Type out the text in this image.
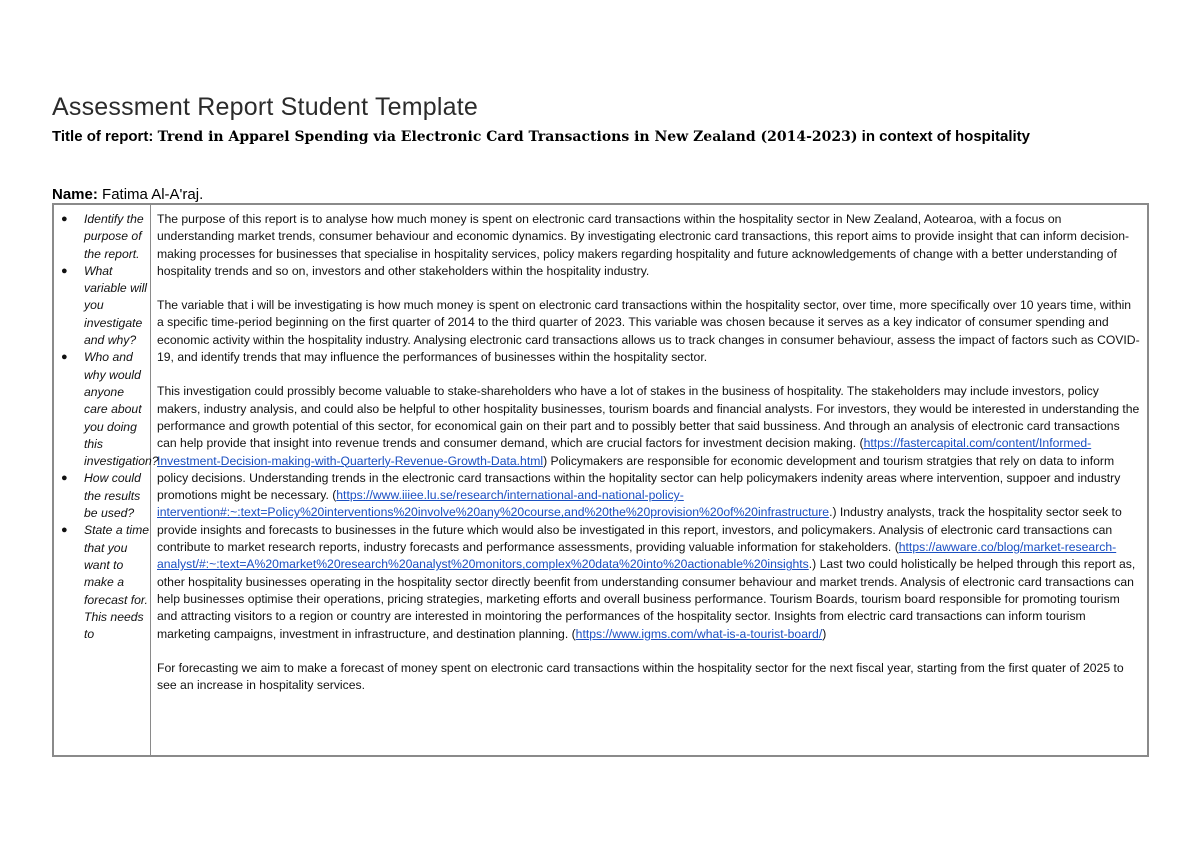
Assessment Report Student Template
Title of report: Trend in Apparel Spending via Electronic Card Transactions in New Zealand (2014-2023) in context of hospitality
Name: Fatima Al-A'raj.
● Identify the purpose of the report.
● What variable will you investigate and why?
● Who and why would anyone care about you doing this investigation?
● How could the results be used?
● State a time that you want to make a forecast for. This needs to

The purpose of this report is to analyse how much money is spent on electronic card transactions within the hospitality sector in New Zealand, Aotearoa, with a focus on understanding market trends, consumer behaviour and economic dynamics. By investigating electronic card transactions, this report aims to provide insight that can inform decision-making processes for businesses that specialise in hospitality services, policy makers regarding hospitality and future acknowledgements of change with a better understanding of hospitality trends and so on, investors and other stakeholders within the hospitality industry.

The variable that i will be investigating is how much money is spent on electronic card transactions within the hospitality sector, over time, more specifically over 10 years time, within a specific time-period beginning on the first quarter of 2014 to the third quarter of 2023. This variable was chosen because it serves as a key indicator of consumer spending and economic activity within the hospitality industry. Analysing electronic card transactions allows us to track changes in consumer behaviour, assess the impact of factors such as COVID-19, and identify trends that may influence the performances of businesses within the hospitality sector.

This investigation could prossibly become valuable to stake-shareholders who have a lot of stakes in the business of hospitality. The stakeholders may include investors, policy makers, industry analysis, and could also be helpful to other hospitality businesses, tourism boards and financial analysts. For investors, they would be interested in understanding the performance and growth potential of this sector, for economical gain on their part and to possibly better that said bussiness. And through an analysis of electronic card transactions can help provide that insight into revenue trends and consumer demand, which are crucial factors for investment decision making. (https://fastercapital.com/content/Informed-Investment-Decision-making-with-Quarterly-Revenue-Growth-Data.html) Policymakers are responsible for economic development and tourism stratgies that rely on data to inform policy decisions. Understanding trends in the electronic card transactions within the hopitality sector can help policymakers indenity areas where intervention, suppoer and industry promotions might be necessary. (https://www.iiiee.lu.se/research/international-and-national-policy-intervention#:~:text=Policy%20interventions%20involve%20any%20course,and%20the%20provision%20of%20infrastructure.) Industry analysts, track the hospitality sector seek to provide insights and forecasts to businesses in the future which would also be investigated in this report, investors, and policymakers. Analysis of electronic card transactions can contribute to market research reports, industry forecasts and performance assessments, providing valuable information for stakeholders. (https://awware.co/blog/market-research-analyst/#:~:text=A%20market%20research%20analyst%20monitors,complex%20data%20into%20actionable%20insights.) Last two could holistically be helped through this report as, other hospitality businesses operating in the hospitality sector directly beenfit from understanding consumer behaviour and market trends. Analysis of electronic card transactions can help businesses optimise their operations, pricing strategies, marketing efforts and overall business performance. Tourism Boards, tourism board responsible for promoting tourism and attracting visitors to a region or country are interested in mointoring the performances of the hospitality sector. Insights from electric card transactions can inform tourism marketing campaigns, investment in infrastructure, and destination planning. (https://www.igms.com/what-is-a-tourist-board/)

For forecasting we aim to make a forecast of money spent on electronic card transactions within the hospitality sector for the next fiscal year, starting from the first quater of 2025 to see an increase in hospitality services.
